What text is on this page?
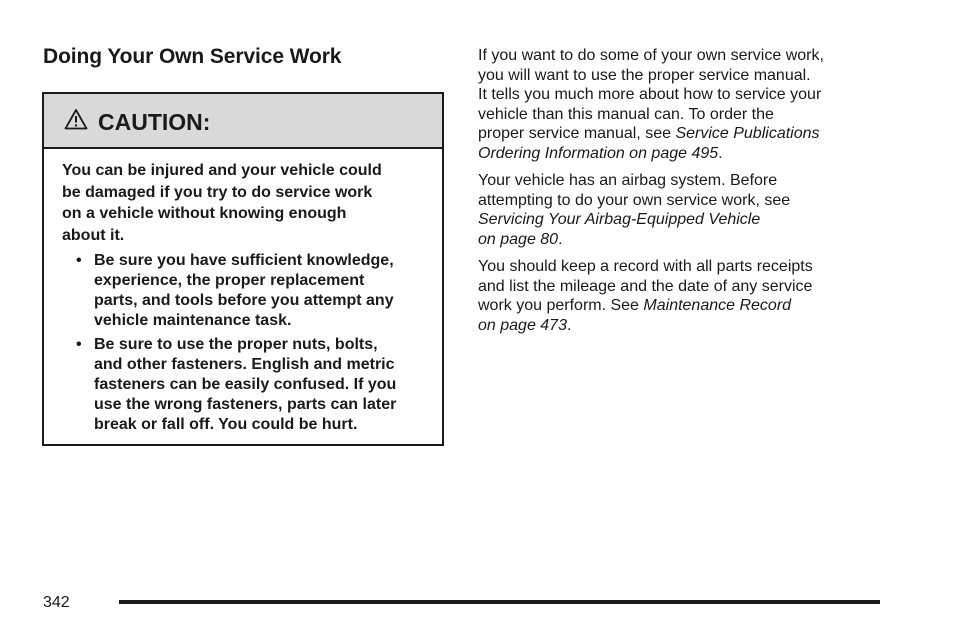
Doing Your Own Service Work
CAUTION:

You can be injured and your vehicle could
be damaged if you try to do service work
on a vehicle without knowing enough
about it.

• Be sure you have sufficient knowledge,
experience, the proper replacement
parts, and tools before you attempt any
vehicle maintenance task.
• Be sure to use the proper nuts, bolts,
and other fasteners. English and metric
fasteners can be easily confused. If you
use the wrong fasteners, parts can later
break or fall off. You could be hurt.

If you want to do some of your own service work,
you will want to use the proper service manual.
It tells you much more about how to service your
vehicle than this manual can. To order the
proper service manual, see Service Publications
Ordering Information on page 495.

Your vehicle has an airbag system. Before
attempting to do your own service work, see
Servicing Your Airbag-Equipped Vehicle
on page 80.

You should keep a record with all parts receipts
and list the mileage and the date of any service
work you perform. See Maintenance Record
on page 473.

342
